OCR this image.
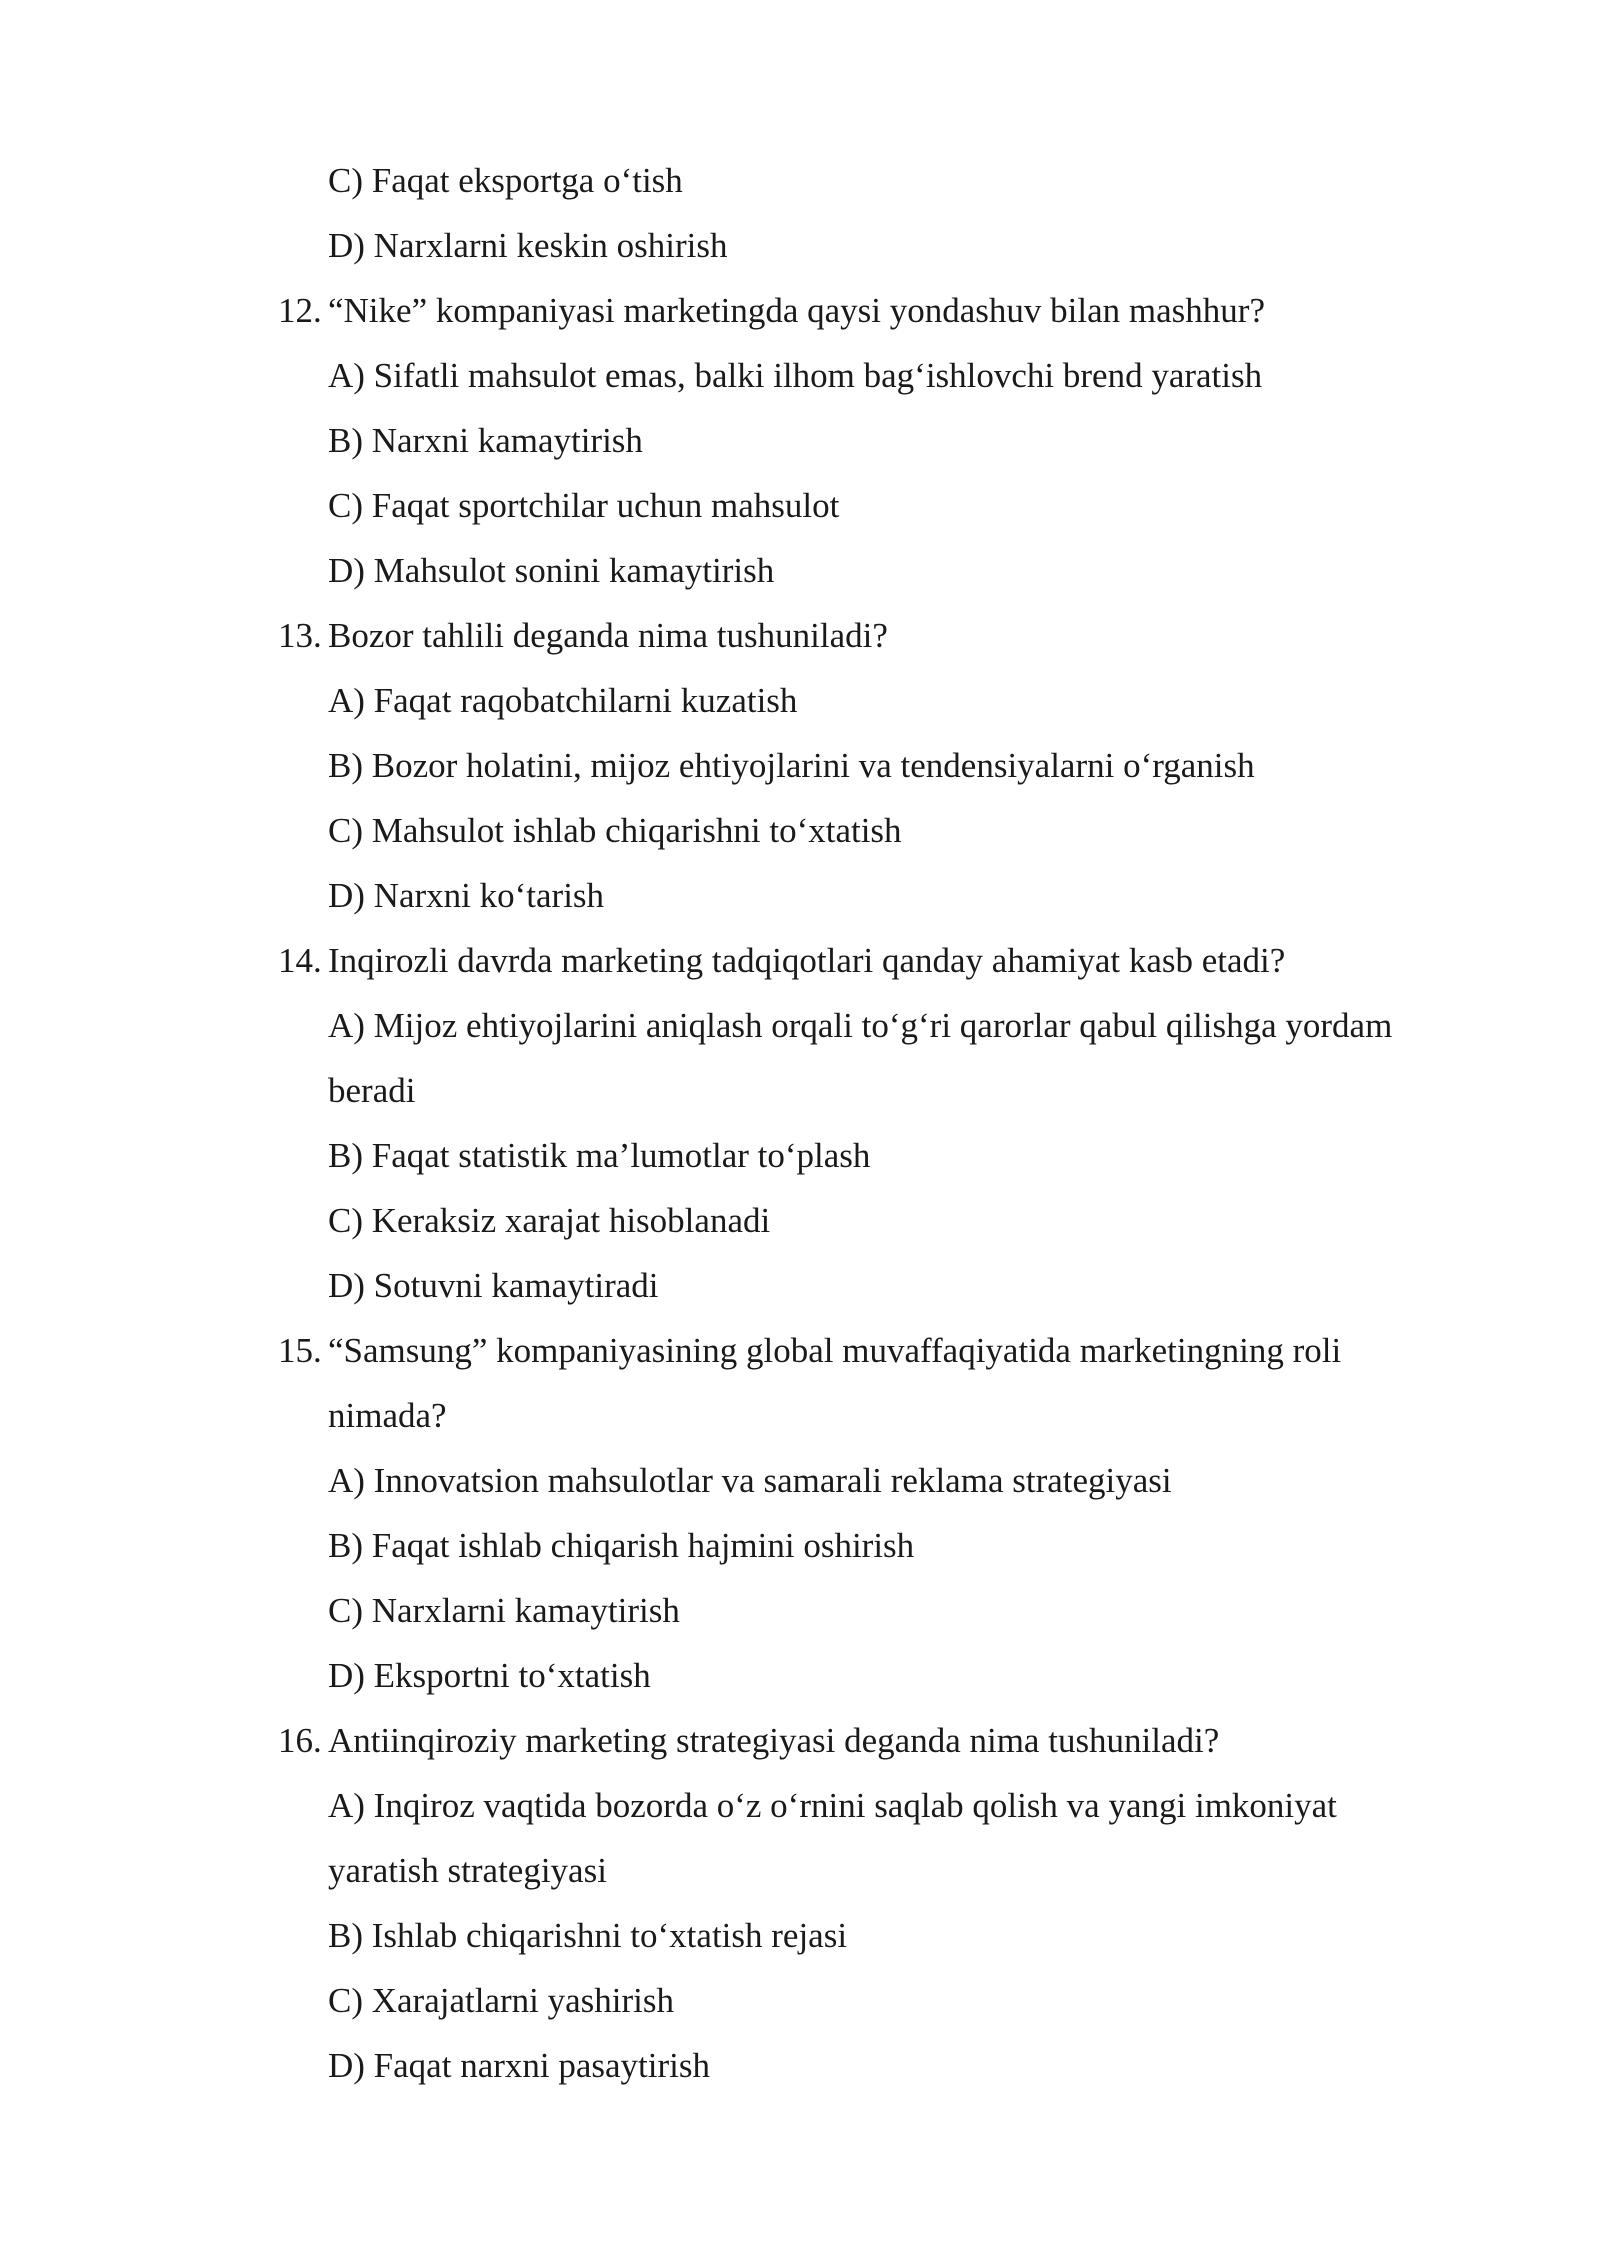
C) Faqat eksportga o‘tish
D) Narxlarni keskin oshirish
12. “Nike” kompaniyasi marketingda qaysi yondashuv bilan mashhur?
A) Sifatli mahsulot emas, balki ilhom bag‘ishlovchi brend yaratish
B) Narxni kamaytirish
C) Faqat sportchilar uchun mahsulot
D) Mahsulot sonini kamaytirish
13. Bozor tahlili deganda nima tushuniladi?
A) Faqat raqobatchilarni kuzatish
B) Bozor holatini, mijoz ehtiyojlarini va tendensiyalarni o‘rganish
C) Mahsulot ishlab chiqarishni to‘xtatish
D) Narxni ko‘tarish
14. Inqirozli davrda marketing tadqiqotlari qanday ahamiyat kasb etadi?
A) Mijoz ehtiyojlarini aniqlash orqali to‘g‘ri qarorlar qabul qilishga yordam
beradi
B) Faqat statistik ma’lumotlar to‘plash
C) Keraksiz xarajat hisoblanadi
D) Sotuvni kamaytiradi
15. “Samsung” kompaniyasining global muvaffaqiyatida marketingning roli
nimada?
A) Innovatsion mahsulotlar va samarali reklama strategiyasi
B) Faqat ishlab chiqarish hajmini oshirish
C) Narxlarni kamaytirish
D) Eksportni to‘xtatish
16. Antiinqiroziy marketing strategiyasi deganda nima tushuniladi?
A) Inqiroz vaqtida bozorda o‘z o‘rnini saqlab qolish va yangi imkoniyat
yaratish strategiyasi
B) Ishlab chiqarishni to‘xtatish rejasi
C) Xarajatlarni yashirish
D) Faqat narxni pasaytirish
